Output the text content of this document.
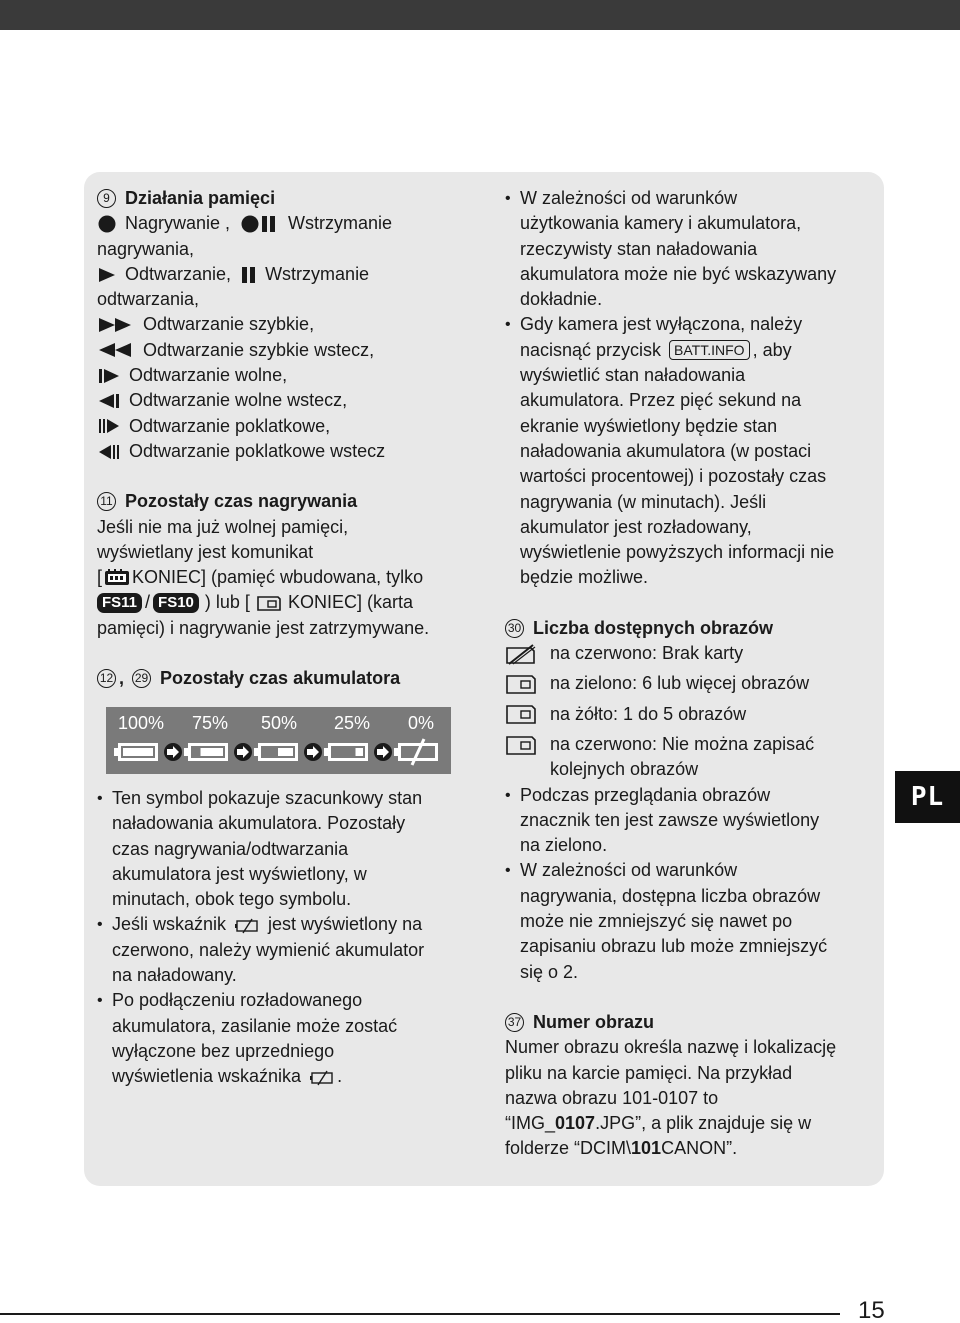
9 Działania pamięci
Nagrywanie ,	Wstrzymanie
nagrywania,
Odtwarzanie, Wstrzymanie
odtwarzania,
Odtwarzanie szybkie,
Odtwarzanie szybkie wstecz,
Odtwarzanie wolne,
Odtwarzanie wolne wstecz,
Odtwarzanie poklatkowe,
Odtwarzanie poklatkowe wstecz
11 Pozostały czas nagrywania
Jeśli nie ma już wolnej pamięci,
wyświetlany jest komunikat
[ KONIEC] (pamięć wbudowana, tylko
FS11 / FS10 ) lub [ KONIEC] (karta
pamięci) i nagrywanie jest zatrzymywane.
12 , 29 Pozostały czas akumulatora
100% 75% 50% 25% 0%
• Ten symbol pokazuje szacunkowy stan
naładowania akumulatora. Pozostały
czas nagrywania/odtwarzania
akumulatora jest wyświetlony, w
minutach, obok tego symbolu.
• Jeśli wskaźnik jest wyświetlony na
czerwono, należy wymienić akumulator
na naładowany.
• Po podłączeniu rozładowanego
akumulatora, zasilanie może zostać
wyłączone bez uprzedniego
wyświetlenia wskaźnika .
• W zależności od warunków
użytkowania kamery i akumulatora,
rzeczywisty stan naładowania
akumulatora może nie być wskazywany
dokładnie.
• Gdy kamera jest wyłączona, należy
nacisnąć przycisk BATT.INFO , aby
wyświetlić stan naładowania
akumulatora. Przez pięć sekund na
ekranie wyświetlony będzie stan
naładowania akumulatora (w postaci
wartości procentowej) i pozostały czas
nagrywania (w minutach). Jeśli
akumulator jest rozładowany,
wyświetlenie powyższych informacji nie
będzie możliwe.
30 Liczba dostępnych obrazów
na czerwono: Brak karty
na zielono: 6 lub więcej obrazów
na żółto: 1 do 5 obrazów
na czerwono: Nie można zapisać
kolejnych obrazów
• Podczas przeglądania obrazów
znacznik ten jest zawsze wyświetlony
na zielono.
• W zależności od warunków
nagrywania, dostępna liczba obrazów
może nie zmniejszyć się nawet po
zapisaniu obrazu lub może zmniejszyć
się o 2.
37 Numer obrazu
Numer obrazu określa nazwę i lokalizację
pliku na karcie pamięci. Na przykład
nazwa obrazu 101-0107 to
“IMG_ 0107 .JPG”, a plik znajduje się w
folderze “DCIM\ 101 CANON”.
PL
15
